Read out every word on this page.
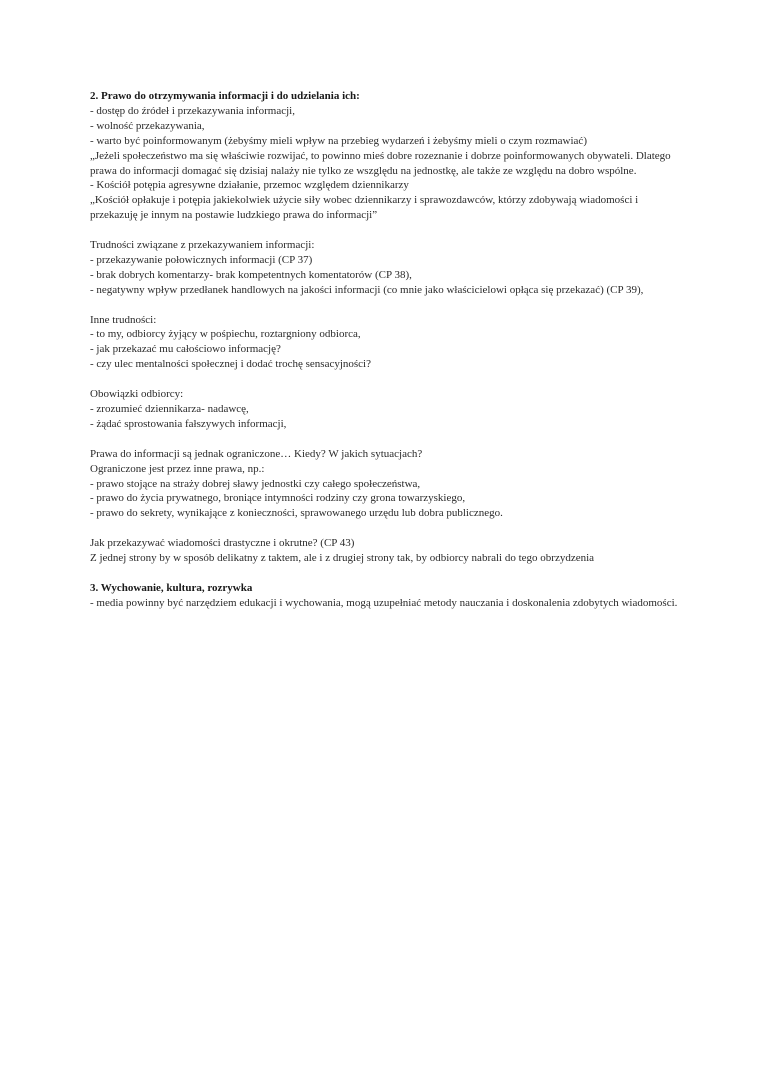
2. Prawo do otrzymywania informacji i do udzielania ich:
- dostęp do źródeł i przekazywania informacji,
- wolność przekazywania,
- warto być poinformowanym (żebyśmy mieli wpływ na przebieg wydarzeń i żebyśmy mieli o czym rozmawiać)
„Jeżeli społeczeństwo ma się właściwie rozwijać, to powinno mieś dobre rozeznanie i dobrze poinformowanych obywateli. Dlatego prawa do informacji domagać się dzisiaj nalaży nie tylko ze wszględu na jednostkę, ale także ze względu na dobro wspólne.
- Kościół potępia agresywne działanie, przemoc względem dziennikarzy
„Kościół opłakuje i potępia jakiekolwiek użycie siły wobec dziennikarzy i sprawozdawców, którzy zdobywają wiadomości i przekazuję je innym na postawie ludzkiego prawa do informacji”
Trudności związane z przekazywaniem informacji:
- przekazywanie połowicznych informacji (CP 37)
- brak dobrych komentarzy- brak kompetentnych komentatorów (CP 38),
- negatywny wpływ przedłanek handlowych na jakości informacji (co mnie jako właścicielowi opłąca się przekazać) (CP 39),
Inne trudności:
- to my, odbiorcy żyjący w pośpiechu, roztargniony odbiorca,
- jak przekazać mu całościowo informację?
- czy ulec mentalności społecznej i dodać trochę sensacyjności?
Obowiązki odbiorcy:
- zrozumieć dziennikarza- nadawcę,
- żądać sprostowania fałszywych informacji,
Prawa do informacji są jednak ograniczone… Kiedy? W jakich sytuacjach?
Ograniczone jest przez inne prawa, np.:
- prawo stojące na straży dobrej sławy jednostki czy całego społeczeństwa,
- prawo do życia prywatnego, broniące intymności rodziny czy grona towarzyskiego,
- prawo do sekrety, wynikające z konieczności, sprawowanego urzędu lub dobra publicznego.
Jak przekazywać wiadomości drastyczne i okrutne? (CP 43)
Z jednej strony by w sposób delikatny z taktem, ale i z drugiej strony tak, by odbiorcy nabrali do tego obrzydzenia
3. Wychowanie, kultura, rozrywka
- media powinny być narzędziem edukacji i wychowania, mogą uzupełniać metody nauczania i doskonalenia zdobytych wiadomości.
